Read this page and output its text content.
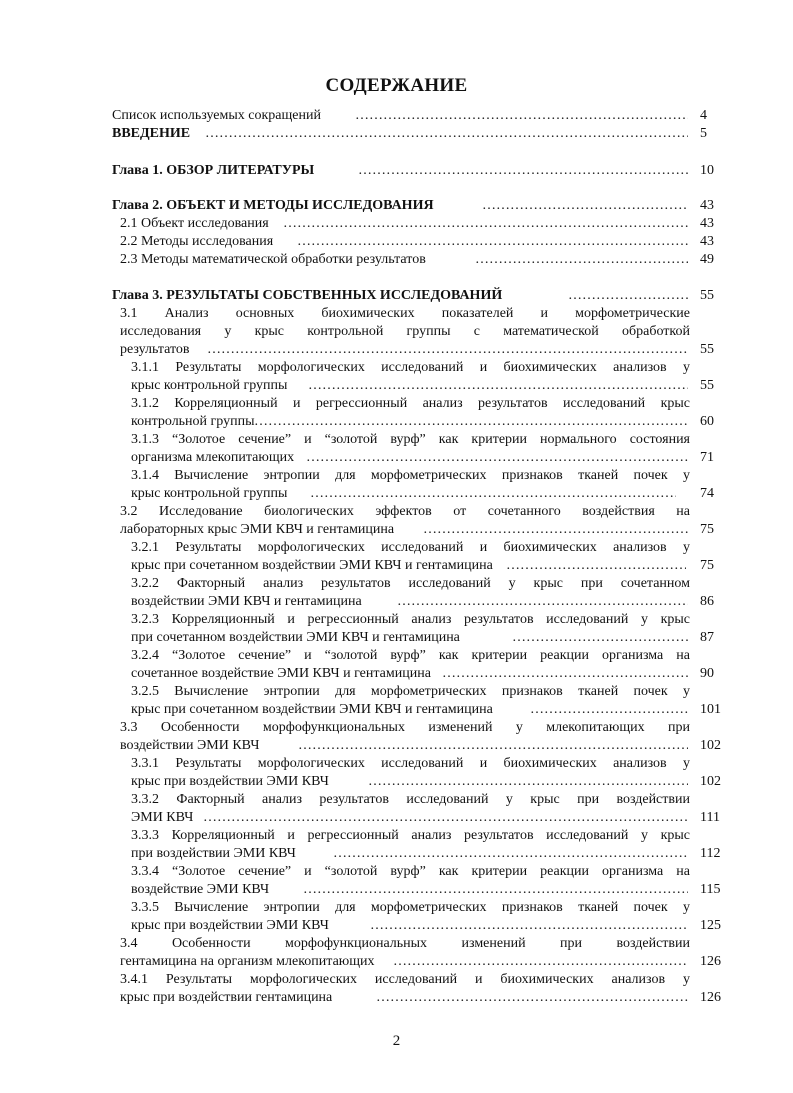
СОДЕРЖАНИЕ
Список используемых сокращений ……………………………………………………………………………………………………………………………………………………	4
ВВЕДЕНИЕ ……………………………………………………………………………………………………………………………………………………	5
Глава 1. ОБЗОР ЛИТЕРАТУРЫ ……………………………………………………………………………………………………………………………………………………	10
Глава 2. ОБЪЕКТ И МЕТОДЫ ИССЛЕДОВАНИЯ ……………………………………………………………………………………………………………………………………………………	43
2.1 Объект исследования ……………………………………………………………………………………………………………………………………………………	43
2.2 Методы исследования ……………………………………………………………………………………………………………………………………………………	43
2.3 Методы математической обработки результатов ……………………………………………………………………………………………………………………………………………………	49
Глава 3. РЕЗУЛЬТАТЫ СОБСТВЕННЫХ ИССЛЕДОВАНИЙ ……………………………………………………………………………………………………………………………………………………	55
3.1 Анализ основных биохимических показателей и морфометрические
исследования у крыс контрольной группы с математической обработкой
результатов ……………………………………………………………………………………………………………………………………………………	55
3.1.1 Результаты морфологических исследований и биохимических анализов у
крыс контрольной группы ……………………………………………………………………………………………………………………………………………………	55
3.1.2 Корреляционный и регрессионный анализ результатов исследований крыс
контрольной группы ……………………………………………………………………………………………………………………………………………………	60
3.1.3 “Золотое сечение” и “золотой вурф” как критерии нормального состояния
организма млекопитающих ……………………………………………………………………………………………………………………………………………………	71
3.1.4 Вычисление энтропии для морфометрических признаков тканей почек у
крыс контрольной группы ……………………………………………………………………………………………………………………………………………………	74
3.2 Исследование биологических эффектов от сочетанного воздействия на
лабораторных крыс ЭМИ КВЧ и гентамицина ……………………………………………………………………………………………………………………………………………………	75
3.2.1 Результаты морфологических исследований и биохимических анализов у
крыс при сочетанном воздействии ЭМИ КВЧ и гентамицина ……………………………………………………………………………………………………………………………………………………	75
3.2.2 Факторный анализ результатов исследований у крыс при сочетанном
воздействии ЭМИ КВЧ и гентамицина ……………………………………………………………………………………………………………………………………………………	86
3.2.3 Корреляционный и регрессионный анализ результатов исследований у крыс
при сочетанном воздействии ЭМИ КВЧ и гентамицина ……………………………………………………………………………………………………………………………………………………	87
3.2.4 “Золотое сечение” и “золотой вурф” как критерии реакции организма на
сочетанное воздействие ЭМИ КВЧ и гентамицина ……………………………………………………………………………………………………………………………………………………	90
3.2.5 Вычисление энтропии для морфометрических признаков тканей почек у
крыс при сочетанном воздействии ЭМИ КВЧ и гентамицина ……………………………………………………………………………………………………………………………………………………	101
3.3 Особенности морфофункциональных изменений у млекопитающих при
воздействии ЭМИ КВЧ ……………………………………………………………………………………………………………………………………………………	102
3.3.1 Результаты морфологических исследований и биохимических анализов у
крыс при воздействии ЭМИ КВЧ ……………………………………………………………………………………………………………………………………………………	102
3.3.2 Факторный анализ результатов исследований у крыс при воздействии
ЭМИ КВЧ ……………………………………………………………………………………………………………………………………………………	111
3.3.3 Корреляционный и регрессионный анализ результатов исследований у крыс
при воздействии ЭМИ КВЧ ……………………………………………………………………………………………………………………………………………………	112
3.3.4 “Золотое сечение” и “золотой вурф” как критерии реакции организма на
воздействие ЭМИ КВЧ ……………………………………………………………………………………………………………………………………………………	115
3.3.5 Вычисление энтропии для морфометрических признаков тканей почек у
крыс при воздействии ЭМИ КВЧ ……………………………………………………………………………………………………………………………………………………	125
3.4 Особенности морфофункциональных изменений при воздействии
гентамицина на организм млекопитающих ……………………………………………………………………………………………………………………………………………………	126
3.4.1 Результаты морфологических исследований и биохимических анализов у
крыс при воздействии гентамицина ……………………………………………………………………………………………………………………………………………………	126
2
